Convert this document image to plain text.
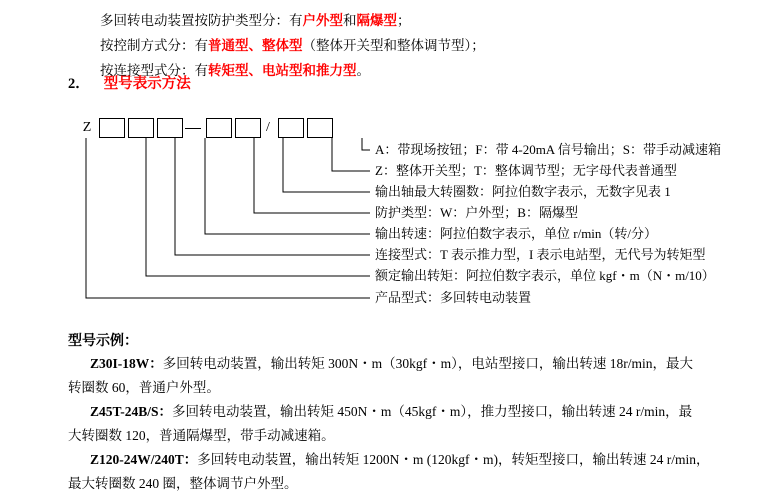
多回转电动装置按防护类型分：有户外型和隔爆型；
按控制方式分：有普通型、整体型（整体开关型和整体调节型）；
按连接型式分：有转矩型、电站型和推力型。
2． 型号表示方法
Z	/
A：带现场按钮；F：带 4-20mA 信号输出；S：带手动减速箱
Z：整体开关型；T：整体调节型；无字母代表普通型
输出轴最大转圈数：阿拉伯数字表示，无数字见表 1
防护类型：W：户外型；B：隔爆型
输出转速：阿拉伯数字表示，单位 r/min（转/分）
连接型式：T 表示推力型，I 表示电站型，无代号为转矩型
额定输出转矩：阿拉伯数字表示，单位 kgf・m（N・m/10）
产品型式：多回转电动装置
型号示例：
Z30I-18W：多回转电动装置，输出转矩 300N・m（30kgf・m），电站型接口，输出转速 18r/min，最大
转圈数 60，普通户外型。
Z45T-24B/S：多回转电动装置，输出转矩 450N・m（45kgf・m），推力型接口，输出转速 24 r/min，最
大转圈数 120，普通隔爆型，带手动减速箱。
Z120-24W/240T：多回转电动装置，输出转矩 1200N・m (120kgf・m)，转矩型接口，输出转速 24 r/min，
最大转圈数 240 圈，整体调节户外型。
